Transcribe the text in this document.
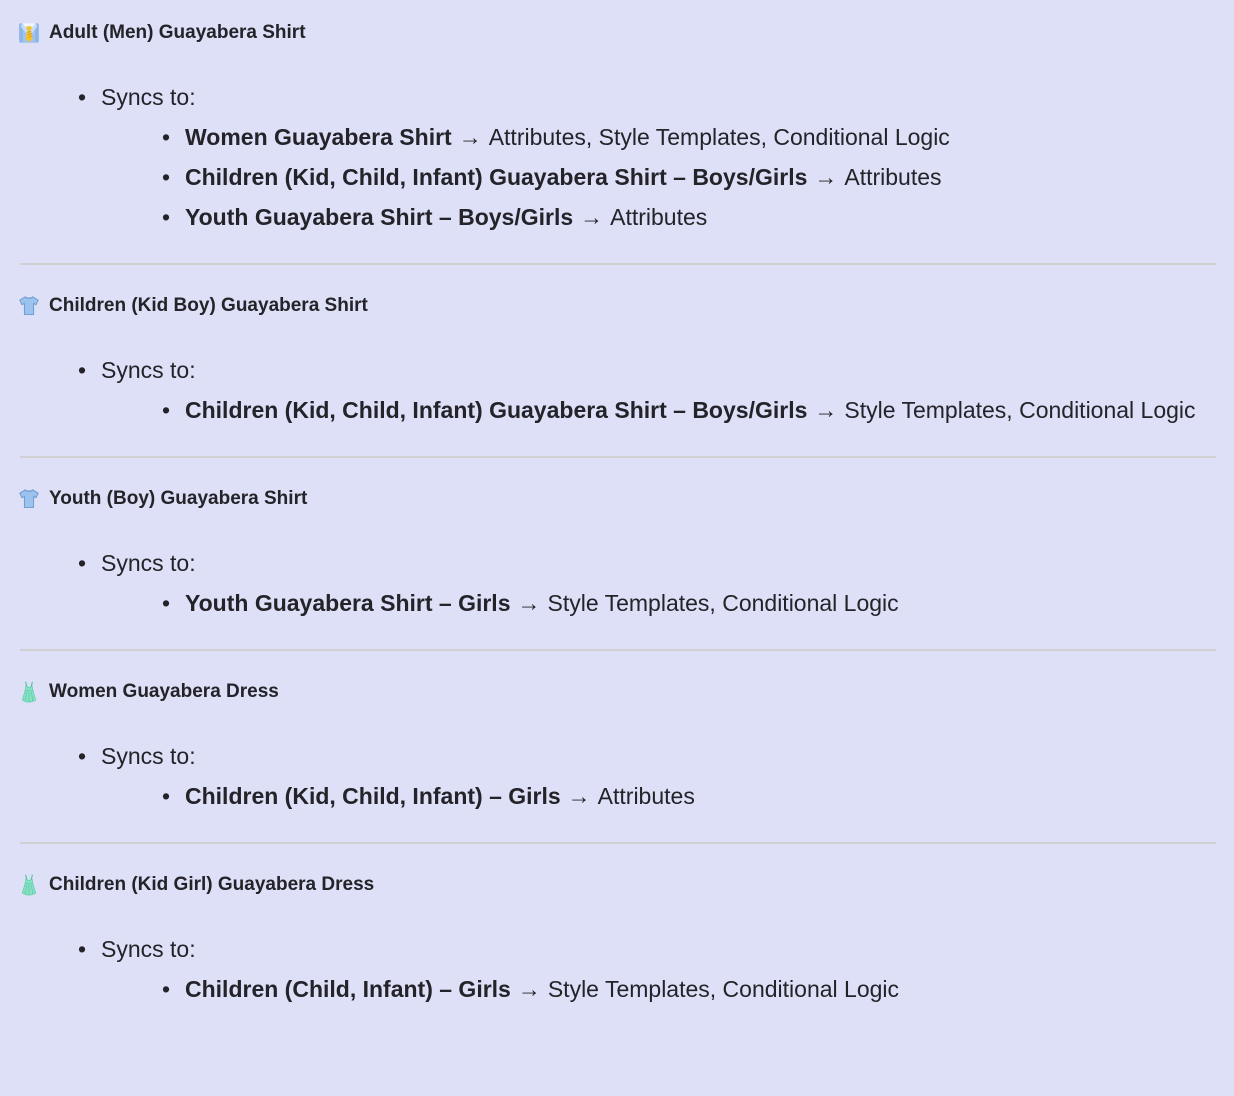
Adult (Men) Guayabera Shirt
• Syncs to:
• Women Guayabera Shirt → Attributes, Style Templates, Conditional Logic
• Children (Kid, Child, Infant) Guayabera Shirt – Boys/Girls → Attributes
• Youth Guayabera Shirt – Boys/Girls → Attributes
Children (Kid Boy) Guayabera Shirt
• Syncs to:
• Children (Kid, Child, Infant) Guayabera Shirt – Boys/Girls → Style Templates, Conditional Logic
Youth (Boy) Guayabera Shirt
• Syncs to:
• Youth Guayabera Shirt – Girls → Style Templates, Conditional Logic
Women Guayabera Dress
• Syncs to:
• Children (Kid, Child, Infant) – Girls → Attributes
Children (Kid Girl) Guayabera Dress
• Syncs to:
• Children (Child, Infant) – Girls → Style Templates, Conditional Logic
